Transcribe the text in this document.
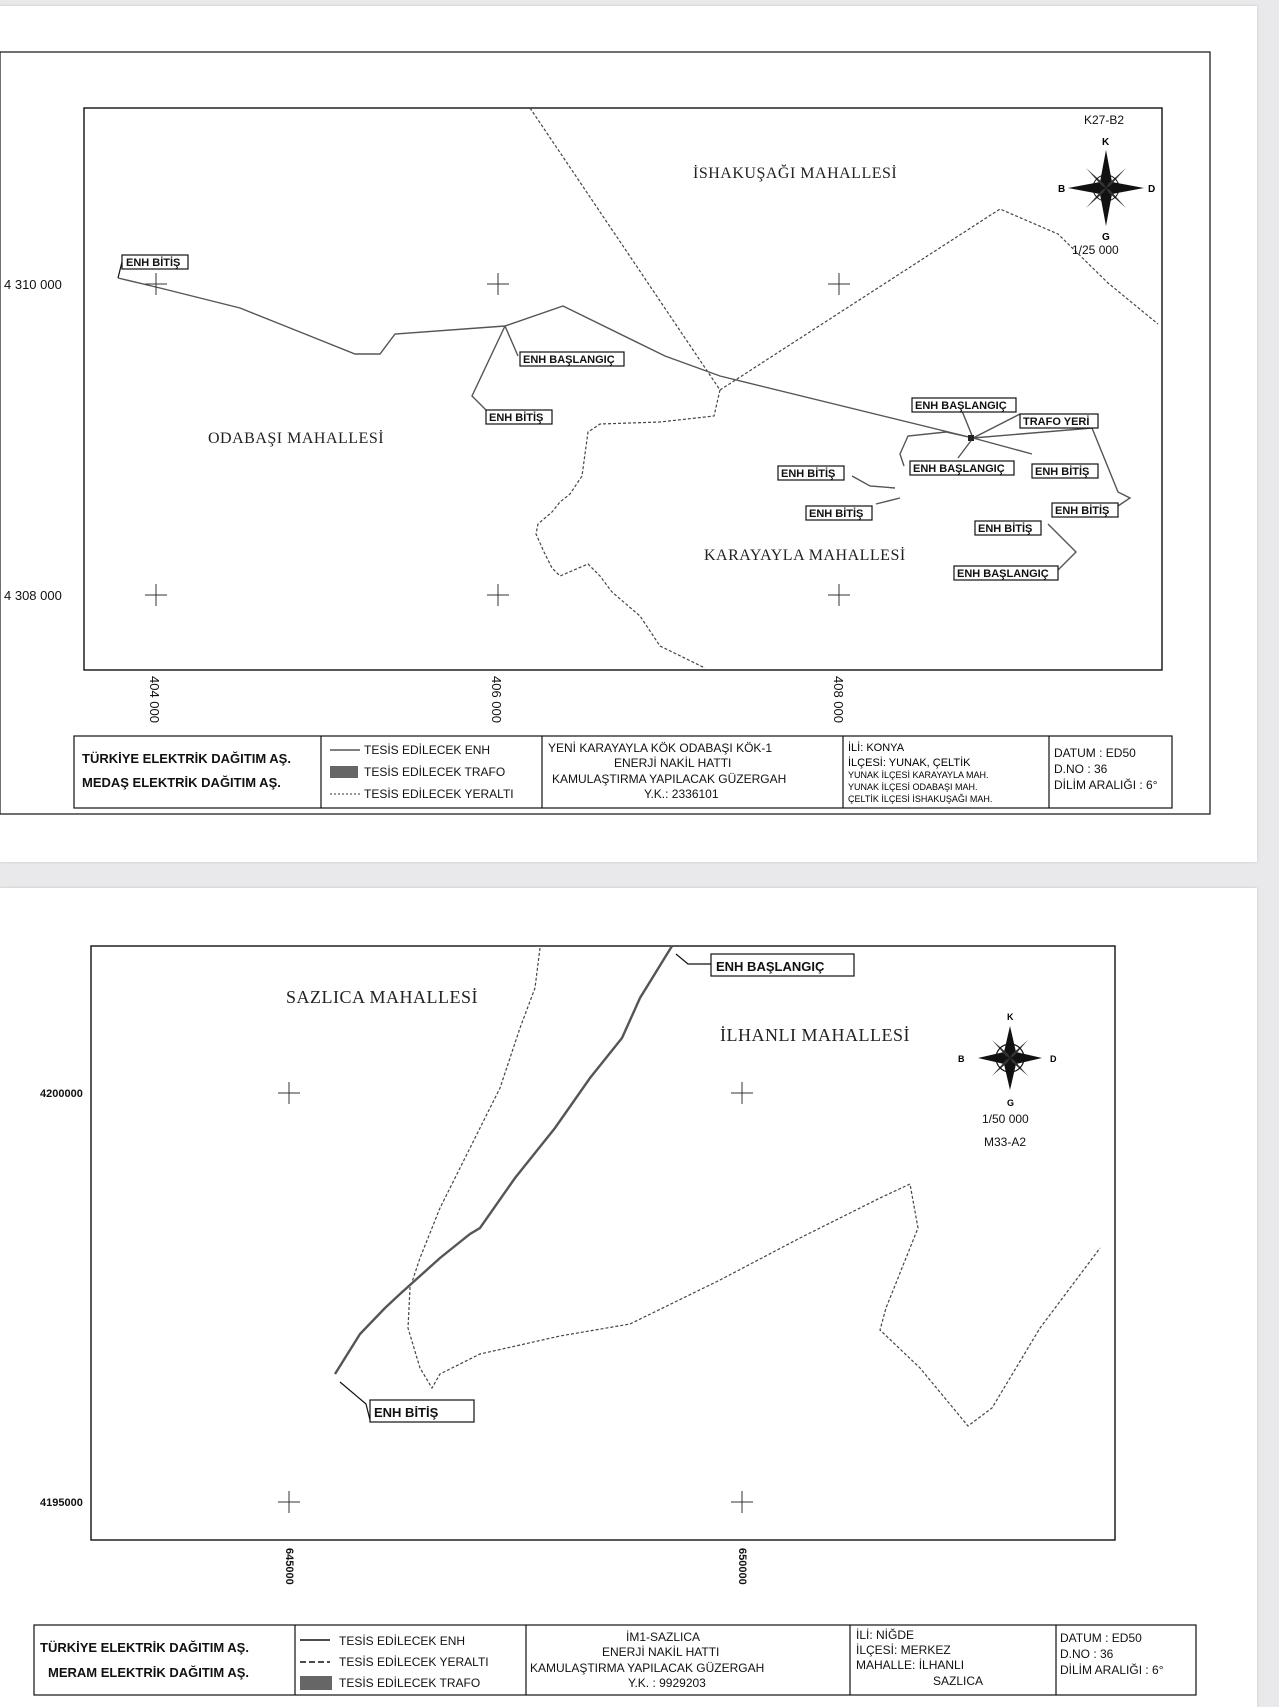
4 310 000
4 308 000
404 000	406 000	408 000
İSHAKUŞAĞI MAHALLESİ
ODABAŞI MAHALLESİ
KARAYAYLA MAHALLESİ
ENH BİTİŞ
ENH BAŞLANGIÇ
ENH BİTİŞ
ENH BAŞLANGIÇ
TRAFO YERİ
ENH BAŞLANGIÇ
ENH BİTİŞ	ENH BİTİŞ
ENH BİTİŞ
ENH BİTİŞ
ENH BİTİŞ
ENH BAŞLANGIÇ
K27-B2
K
G
D
B
1/25 000
TÜRKİYE ELEKTRİK DAĞITIM AŞ.
MEDAŞ ELEKTRİK DAĞITIM AŞ.
TESİS EDİLECEK ENH
TESİS EDİLECEK TRAFO
TESİS EDİLECEK YERALTI
YENİ KARAYAYLA KÖK ODABAŞI KÖK-1
ENERJİ NAKİL HATTI
KAMULAŞTIRMA YAPILACAK GÜZERGAH
Y.K.: 2336101
İLİ: KONYA
İLÇESİ: YUNAK, ÇELTİK
YUNAK İLÇESİ KARAYAYLA MAH.
YUNAK İLÇESİ ODABAŞI MAH.
ÇELTİK İLÇESİ İSHAKUŞAĞI MAH.
DATUM : ED50
D.NO : 36
DİLİM ARALIĞI : 6°
4200000
4195000
645000	650000
SAZLICA MAHALLESİ
İLHANLI MAHALLESİ
ENH BAŞLANGIÇ
ENH BİTİŞ
K
G
D
B
1/50 000
M33-A2
TÜRKİYE ELEKTRİK DAĞITIM AŞ.
MERAM ELEKTRİK DAĞITIM AŞ.
TESİS EDİLECEK ENH
TESİS EDİLECEK YERALTI
TESİS EDİLECEK TRAFO
İM1-SAZLICA
ENERJİ NAKİL HATTI
KAMULAŞTIRMA YAPILACAK GÜZERGAH
Y.K. : 9929203
İLİ: NİĞDE
İLÇESİ: MERKEZ
MAHALLE: İLHANLI
SAZLICA
DATUM : ED50
D.NO : 36
DİLİM ARALIĞI : 6°
